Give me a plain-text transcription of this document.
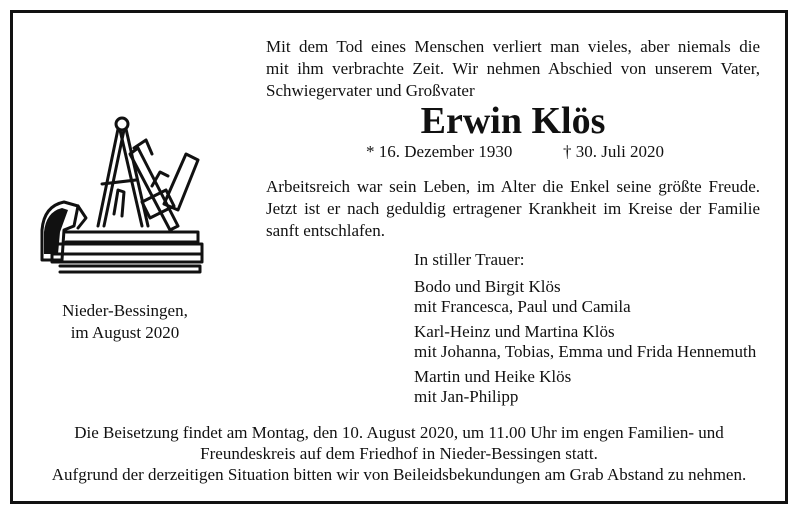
Mit dem Tod eines Menschen verliert man vieles, aber niemals die
mit ihm verbrachte Zeit. Wir nehmen Abschied von unserem Vater,
Schwiegervater und Großvater
Erwin Klös
* 16. Dezember 1930	† 30. Juli 2020
Arbeitsreich war sein Leben, im Alter die Enkel seine größte Freude.
Jetzt ist er nach geduldig ertragener Krankheit im Kreise der Familie
sanft entschlafen.
In stiller Trauer:
Bodo und Birgit Klös
mit Francesca, Paul und Camila
Karl-Heinz und Martina Klös
mit Johanna, Tobias, Emma und Frida Hennemuth
Martin und Heike Klös
mit Jan-Philipp
Nieder-Bessingen,
im August 2020
Die Beisetzung findet am Montag, den 10. August 2020, um 11.00 Uhr im engen Familien- und
Freundeskreis auf dem Friedhof in Nieder-Bessingen statt.
Aufgrund der derzeitigen Situation bitten wir von Beileidsbekundungen am Grab Abstand zu nehmen.
